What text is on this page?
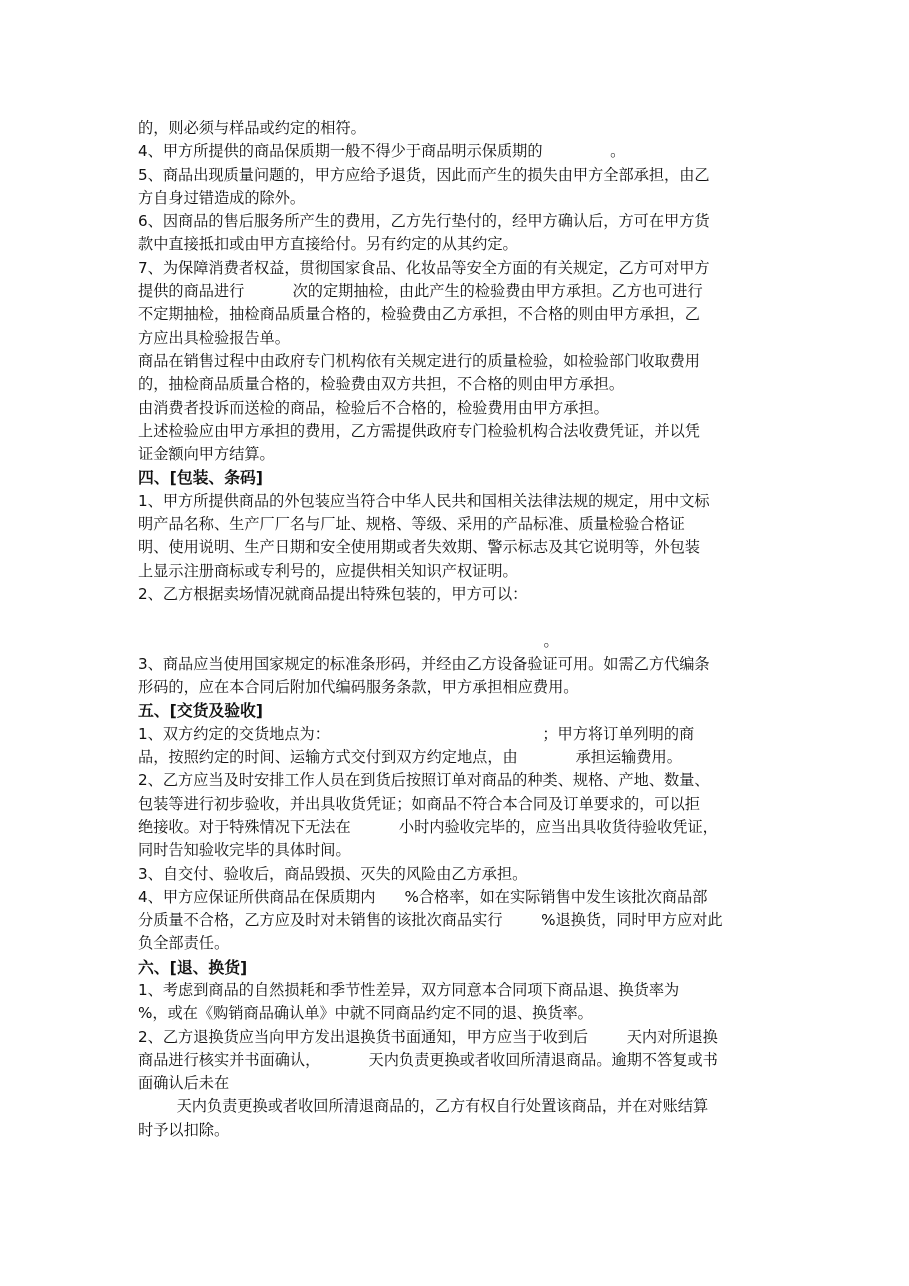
的，则必须与样品或约定的相符。
4、甲方所提供的商品保质期一般不得少于商品明示保质期的              。
5、商品出现质量问题的，甲方应给予退货，因此而产生的损失由甲方全部承担，由乙
方自身过错造成的除外。
6、因商品的售后服务所产生的费用，乙方先行垫付的，经甲方确认后，方可在甲方货
款中直接抵扣或由甲方直接给付。另有约定的从其约定。
7、为保障消费者权益，贯彻国家食品、化妆品等安全方面的有关规定，乙方可对甲方
提供的商品进行          次的定期抽检，由此产生的检验费由甲方承担。乙方也可进行
不定期抽检，抽检商品质量合格的，检验费由乙方承担，不合格的则由甲方承担，乙
方应出具检验报告单。
商品在销售过程中由政府专门机构依有关规定进行的质量检验，如检验部门收取费用
的，抽检商品质量合格的，检验费由双方共担，不合格的则由甲方承担。
由消费者投诉而送检的商品，检验后不合格的，检验费用由甲方承担。
上述检验应由甲方承担的费用，乙方需提供政府专门检验机构合法收费凭证，并以凭
证金额向甲方结算。
四、[包装、条码]
1、甲方所提供商品的外包装应当符合中华人民共和国相关法律法规的规定，用中文标
明产品名称、生产厂厂名与厂址、规格、等级、采用的产品标准、质量检验合格证
明、使用说明、生产日期和安全使用期或者失效期、警示标志及其它说明等，外包装
上显示注册商标或专利号的，应提供相关知识产权证明。
2、乙方根据卖场情况就商品提出特殊包装的，甲方可以：
。
3、商品应当使用国家规定的标准条形码，并经由乙方设备验证可用。如需乙方代编条
形码的，应在本合同后附加代编码服务条款，甲方承担相应费用。
五、[交货及验收]
1、双方约定的交货地点为：                                            ；甲方将订单列明的商
品，按照约定的时间、运输方式交付到双方约定地点，由            承担运输费用。
2、乙方应当及时安排工作人员在到货后按照订单对商品的种类、规格、产地、数量、
包装等进行初步验收，并出具收货凭证；如商品不符合本合同及订单要求的，可以拒
绝接收。对于特殊情况下无法在          小时内验收完毕的，应当出具收货待验收凭证，
同时告知验收完毕的具体时间。
3、自交付、验收后，商品毁损、灭失的风险由乙方承担。
4、甲方应保证所供商品在保质期内      %合格率，如在实际销售中发生该批次商品部
分质量不合格，乙方应及时对未销售的该批次商品实行        %退换货，同时甲方应对此
负全部责任。
六、[退、换货]
1、考虑到商品的自然损耗和季节性差异，双方同意本合同项下商品退、换货率为
%，或在《购销商品确认单》中就不同商品约定不同的退、换货率。
2、乙方退换货应当向甲方发出退换货书面通知，甲方应当于收到后        天内对所退换
商品进行核实并书面确认，          天内负责更换或者收回所清退商品。逾期不答复或书
面确认后未在
天内负责更换或者收回所清退商品的，乙方有权自行处置该商品，并在对账结算
时予以扣除。
